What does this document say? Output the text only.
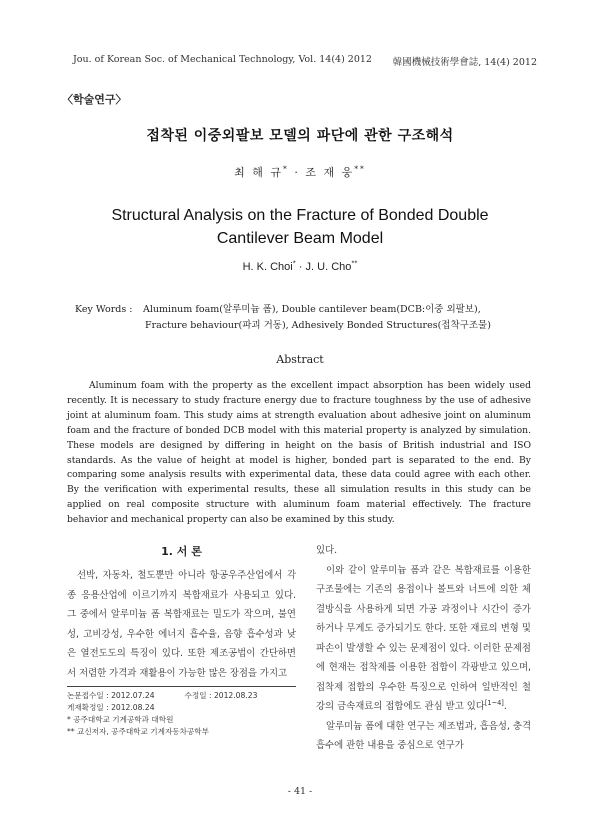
Jou. of Korean Soc. of Mechanical Technology, Vol. 14(4) 2012 韓國機械技術學會誌, 14(4) 2012
〈학술연구〉
접착된 이중외팔보 모델의 파단에 관한 구조해석
최 해 규* · 조 재 웅**
Structural Analysis on the Fracture of Bonded Double
Cantilever Beam Model
H. K. Choi* · J. U. Cho**
Key Words : Aluminum foam(알루미늄 폼), Double cantilever beam(DCB:이중 외팔보),
Fracture behaviour(파괴 거동), Adhesively Bonded Structures(접착구조물)
Abstract

Aluminum foam with the property as the excellent impact absorption has been widely used recently. It is necessary to study fracture energy due to fracture toughness by the use of adhesive joint at aluminum foam. This study aims at strength evaluation about adhesive joint on aluminum foam and the fracture of bonded DCB model with this material property is analyzed by simulation. These models are designed by differing in height on the basis of British industrial and ISO standards. As the value of height at model is higher, bonded part is separated to the end. By comparing some analysis results with experimental data, these data could agree with each other. By the verification with experimental results, these all simulation results in this study can be applied on real composite structure with aluminum foam material effectively. The fracture behavior and mechanical property can also be examined by this study.

1. 서 론

선박, 자동차, 철도뿐만 아니라 항공우주산업에서 각종 응용산업에 이르기까지 복합재료가 사용되고 있다. 그 중에서 알루미늄 폼 복합재료는 밀도가 작으며, 불연성, 고비강성, 우수한 에너지 흡수율, 음향 흡수성과 낮은 열전도도의 특징이 있다. 또한 제조공법이 간단하면서 저렴한 가격과 재활용이 가능한 많은 장점을 가지고

있다.

이와 같이 알루미늄 폼과 같은 복합재료를 이용한 구조물에는 기존의 용접이나 볼트와 너트에 의한 체결방식을 사용하게 되면 가공 과정이나 시간이 증가하거나 무게도 증가되기도 한다. 또한 재료의 변형 및 파손이 발생할 수 있는 문제점이 있다. 이러한 문제점에 현재는 접착제를 이용한 접합이 각광받고 있으며, 접착제 접합의 우수한 특징으로 인하여 일반적인 철강의 금속재료의 접합에도 관심 받고 있다[1~4].

알루미늄 폼에 대한 연구는 제조법과, 흡음성, 충격흡수에 관한 내용을 중심으로 연구가

논문접수일 : 2012.07.24	수정일 : 2012.08.23
게재확정일 : 2012.08.24
* 공주대학교 기계공학과 대학원
** 교신저자, 공주대학교 기계자동차공학부
- 41 -
